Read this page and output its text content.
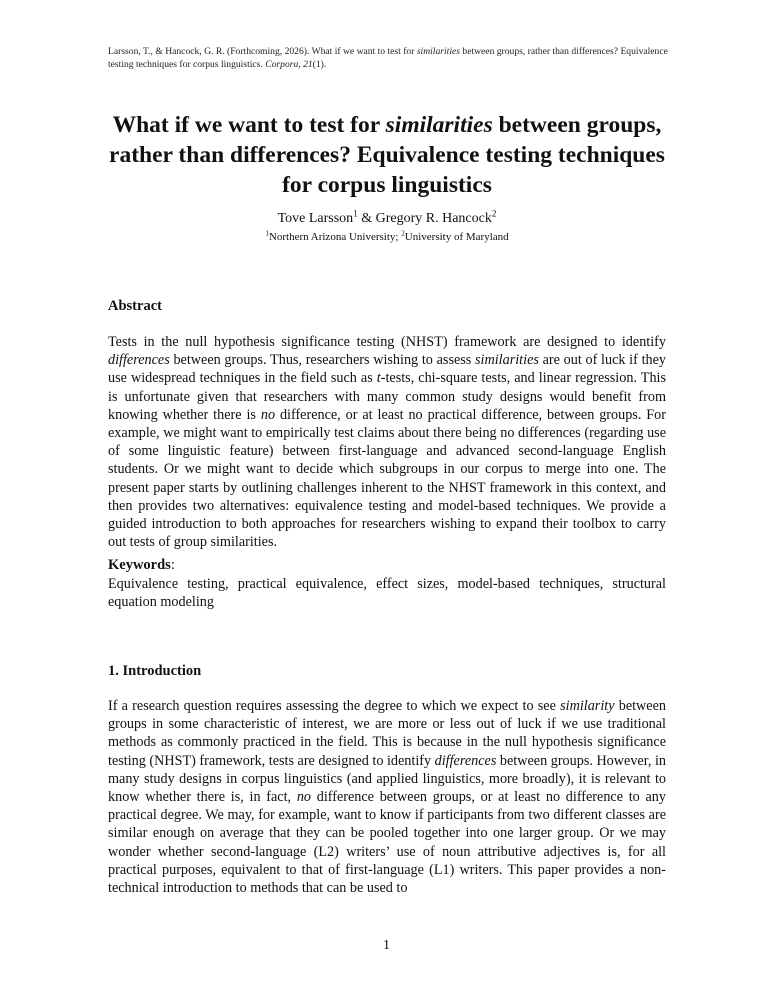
Larsson, T., & Hancock, G. R. (Forthcoming, 2026). What if we want to test for similarities between groups, rather than differences? Equivalence testing techniques for corpus linguistics. Corpora, 21(1).
What if we want to test for similarities between groups, rather than differences? Equivalence testing techniques for corpus linguistics
Tove Larsson$^1$ & Gregory R. Hancock$^2$
$^1$Northern Arizona University; $^2$University of Maryland
Abstract
Tests in the null hypothesis significance testing (NHST) framework are designed to identify differences between groups. Thus, researchers wishing to assess similarities are out of luck if they use widespread techniques in the field such as t-tests, chi-square tests, and linear regression. This is unfortunate given that researchers with many common study designs would benefit from knowing whether there is no difference, or at least no practical difference, between groups. For example, we might want to empirically test claims about there being no differences (regarding use of some linguistic feature) between first-language and advanced second-language English students. Or we might want to decide which subgroups in our corpus to merge into one. The present paper starts by outlining challenges inherent to the NHST framework in this context, and then provides two alternatives: equivalence testing and model-based techniques. We provide a guided introduction to both approaches for researchers wishing to expand their toolbox to carry out tests of group similarities.
Keywords:
Equivalence testing, practical equivalence, effect sizes, model-based techniques, structural equation modeling
1. Introduction
If a research question requires assessing the degree to which we expect to see similarity between groups in some characteristic of interest, we are more or less out of luck if we use traditional methods as commonly practiced in the field. This is because in the null hypothesis significance testing (NHST) framework, tests are designed to identify differences between groups. However, in many study designs in corpus linguistics (and applied linguistics, more broadly), it is relevant to know whether there is, in fact, no difference between groups, or at least no difference to any practical degree. We may, for example, want to know if participants from two different classes are similar enough on average that they can be pooled together into one larger group. Or we may wonder whether second-language (L2) writers’ use of noun attributive adjectives is, for all practical purposes, equivalent to that of first-language (L1) writers. This paper provides a non-technical introduction to methods that can be used to
1
